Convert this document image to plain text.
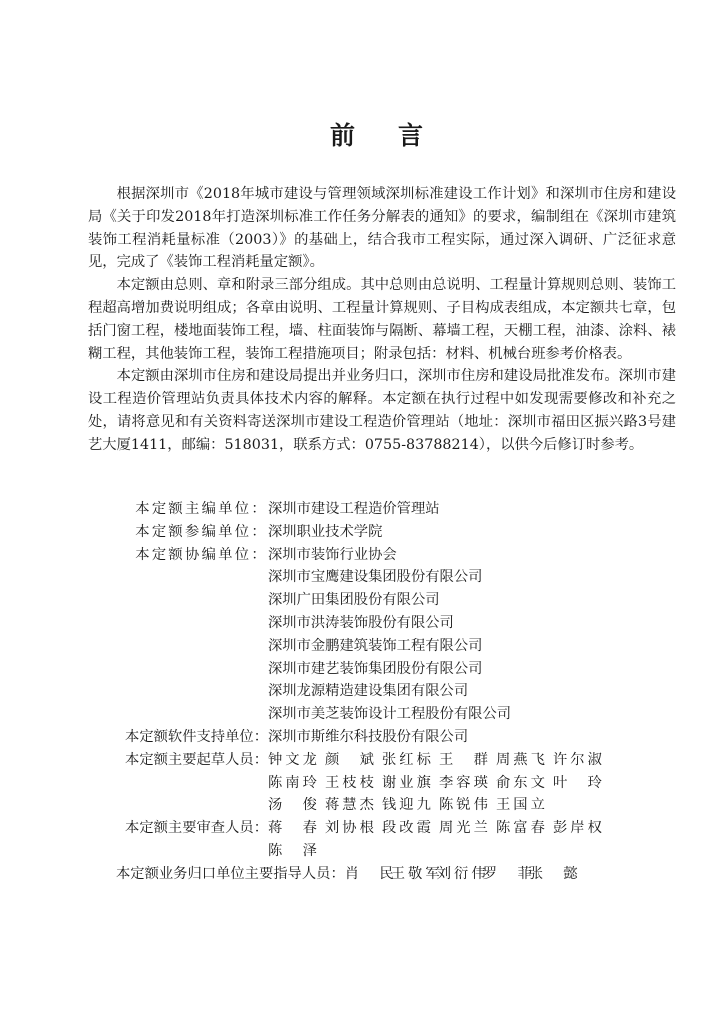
前 言

根据深圳市《2018年城市建设与管理领域深圳标准建设工作计划》和深圳市住房和建设局《关于印发2018年打造深圳标准工作任务分解表的通知》的要求，编制组在《深圳市建筑装饰工程消耗量标准（2003）》的基础上，结合我市工程实际，通过深入调研、广泛征求意见，完成了《装饰工程消耗量定额》。

本定额由总则、章和附录三部分组成。其中总则由总说明、工程量计算规则总则、装饰工程超高增加费说明组成；各章由说明、工程量计算规则、子目构成表组成，本定额共七章，包括门窗工程，楼地面装饰工程，墙、柱面装饰与隔断、幕墙工程，天棚工程，油漆、涂料、裱糊工程，其他装饰工程，装饰工程措施项目；附录包括：材料、机械台班参考价格表。

本定额由深圳市住房和建设局提出并业务归口，深圳市住房和建设局批准发布。深圳市建设工程造价管理站负责具体技术内容的解释。本定额在执行过程中如发现需要修改和补充之处，请将意见和有关资料寄送深圳市建设工程造价管理站（地址：深圳市福田区振兴路3号建艺大厦1411，邮编：518031，联系方式：0755-83788214），以供今后修订时参考。

本定额主编单位： 深圳市建设工程造价管理站
本定额参编单位： 深圳职业技术学院
本定额协编单位： 深圳市装饰行业协会
深圳市宝鹰建设集团股份有限公司
深圳广田集团股份有限公司
深圳市洪涛装饰股份有限公司
深圳市金鹏建筑装饰工程有限公司
深圳市建艺装饰集团股份有限公司
深圳龙源精造建设集团有限公司
深圳市美芝装饰设计工程股份有限公司
本定额软件支持单位： 深圳市斯维尔科技股份有限公司
本定额主要起草人员： 钟文龙 颜　斌 张红标 王　群 周燕飞 许尔淑
陈南玲 王枝枝 谢业旗 李容瑛 俞东文 叶　玲
汤　俊 蒋慧杰 钱迎九 陈锐伟 王国立
本定额主要审查人员： 蒋　春 刘协根 段改霞 周光兰 陈富春 彭岸权
陈　泽
本定额业务归口单位主要指导人员： 肖　民
王敬军
刘衍伟
罗　菲
张　懿
